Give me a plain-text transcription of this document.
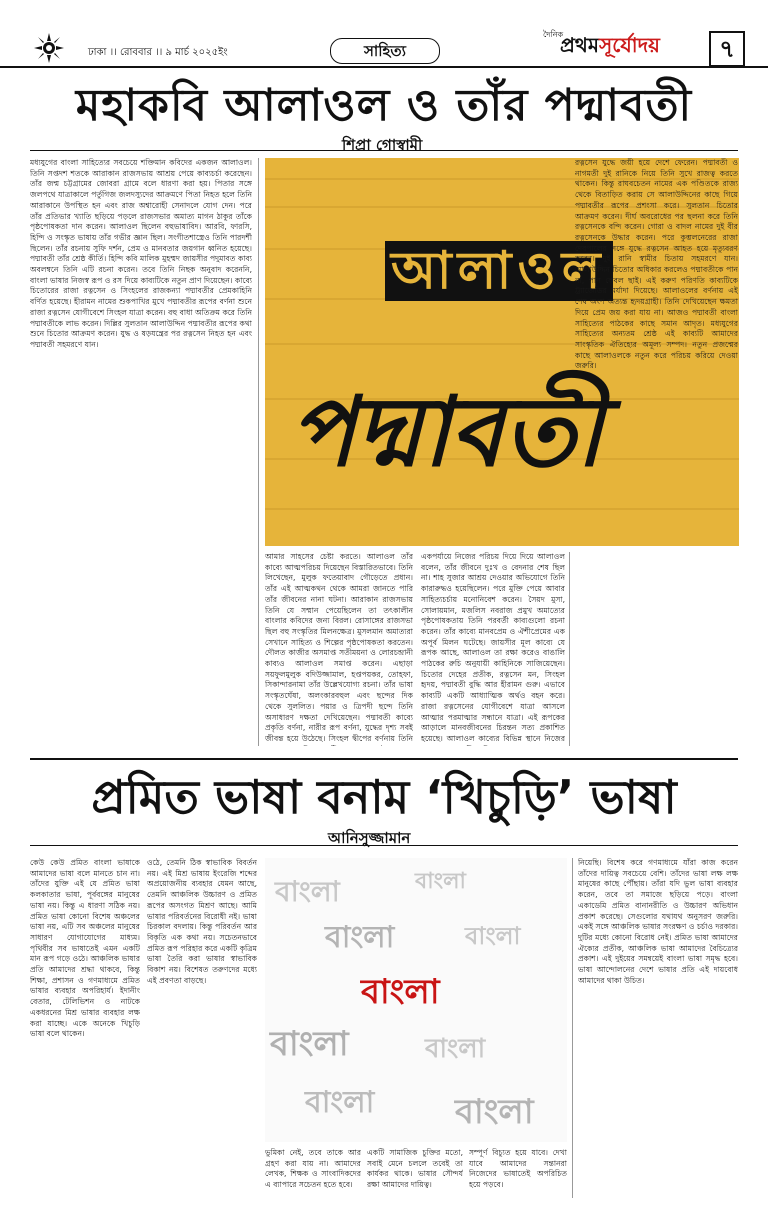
ঢাকা ।। রোববার ।। ৯ মার্চ ২০২৫ইং	সাহিত্য
দৈনিক
প্রথমসূর্যোদয়	৭
মহাকবি আলাওল ও তাঁর পদ্মাবতী
শিপ্রা গোস্বামী
আলাওল
পদ্মাবতী
মধ্যযুগের বাংলা সাহিত্যের সবচেয়ে শক্তিমান কবিদের একজন আলাওল। তিনি সপ্তদশ শতকে আরাকান রাজসভায় আশ্রয় পেয়ে কাব্যচর্চা করেছেন। তাঁর জন্ম চট্টগ্রামের জোবরা গ্রামে বলে ধারণা করা হয়। পিতার সঙ্গে জলপথে যাত্রাকালে পর্তুগিজ জলদস্যুদের আক্রমণে পিতা নিহত হলে তিনি আরাকানে উপস্থিত হন এবং রাজ অশ্বারোহী সেনাদলে যোগ দেন। পরে তাঁর প্রতিভার খ্যাতি ছড়িয়ে পড়লে রাজসভার অমাত্য মাগন ঠাকুর তাঁকে পৃষ্ঠপোষকতা দান করেন। আলাওল ছিলেন বহুভাষাবিদ। আরবি, ফারসি, হিন্দি ও সংস্কৃত ভাষায় তাঁর গভীর জ্ঞান ছিল। সংগীতশাস্ত্রেও তিনি পারদর্শী ছিলেন। তাঁর রচনায় সুফি দর্শন, প্রেম ও মানবতার জয়গান ধ্বনিত হয়েছে। পদ্মাবতী তাঁর শ্রেষ্ঠ কীর্তি। হিন্দি কবি মালিক মুহম্মদ জায়সীর পদুমাবত কাব্য অবলম্বনে তিনি এটি রচনা করেন। তবে তিনি নিছক অনুবাদ করেননি, বাংলা ভাষার নিজস্ব রূপ ও রস দিয়ে কাব্যটিকে নতুন প্রাণ দিয়েছেন। কাব্যে চিতোরের রাজা রত্নসেন ও সিংহলের রাজকন্যা পদ্মাবতীর প্রেমকাহিনি বর্ণিত হয়েছে। হীরামন নামের শুকপাখির মুখে পদ্মাবতীর রূপের বর্ণনা শুনে রাজা রত্নসেন যোগীবেশে সিংহল যাত্রা করেন। বহু বাধা অতিক্রম করে তিনি পদ্মাবতীকে লাভ করেন। দিল্লির সুলতান আলাউদ্দিন পদ্মাবতীর রূপের কথা শুনে চিতোর আক্রমণ করেন। যুদ্ধ ও ষড়যন্ত্রের পর রত্নসেন নিহত হন এবং পদ্মাবতী সহমরণে যান।
আমার সাহসের চেষ্টা করতে। আলাওল তাঁর কাব্যে আত্মপরিচয় দিয়েছেন বিস্তারিতভাবে। তিনি লিখেছেন, মুলুক ফতেয়াবাদ গৌড়েতে প্রধান। তাঁর এই আত্মকথন থেকে আমরা জানতে পারি তাঁর জীবনের নানা ঘটনা। আরাকান রাজসভায় তিনি যে সম্মান পেয়েছিলেন তা তৎকালীন বাংলার কবিদের জন্য বিরল। রোসাঙ্গের রাজসভা ছিল বহু সংস্কৃতির মিলনক্ষেত্র। মুসলমান অমাত্যরা সেখানে সাহিত্য ও শিল্পের পৃষ্ঠপোষকতা করতেন। দৌলত কাজীর অসমাপ্ত সতীময়না ও লোরচন্দ্রানী কাব্যও আলাওল সমাপ্ত করেন। এছাড়া সয়ফুলমুলুক বদিউজ্জামাল, হপ্তপয়কর, তোহফা, সিকান্দারনামা তাঁর উল্লেখযোগ্য রচনা। তাঁর ভাষা সংস্কৃতঘেঁষা, অলংকারবহুল এবং ছন্দের দিক থেকে সুললিত। পয়ার ও ত্রিপদী ছন্দে তিনি অসাধারণ দক্ষতা দেখিয়েছেন। পদ্মাবতী কাব্যে প্রকৃতি বর্ণনা, নারীর রূপ বর্ণনা, যুদ্ধের দৃশ্য সবই জীবন্ত হয়ে উঠেছে। সিংহল দ্বীপের বর্ণনায় তিনি
একপর্যায়ে নিজের পরিচয় দিয়ে দিয়ে আলাওল বলেন, তাঁর জীবনে দুঃখ ও বেদনার শেষ ছিল না। শাহ সুজার আশ্রয় দেওয়ার অভিযোগে তিনি কারারুদ্ধও হয়েছিলেন। পরে মুক্তি পেয়ে আবার সাহিত্যচর্চায় মনোনিবেশ করেন। সৈয়দ মুসা, সোলায়মান, মজলিস নবরাজ প্রমুখ অমাত্যের পৃষ্ঠপোষকতায় তিনি পরবর্তী কাব্যগুলো রচনা করেন। তাঁর কাব্যে মানবপ্রেম ও ঐশীপ্রেমের এক অপূর্ব মিলন ঘটেছে। জায়সীর মূল কাব্যে যে রূপক আছে, আলাওল তা রক্ষা করেও বাঙালি পাঠকের রুচি অনুযায়ী কাহিনিকে সাজিয়েছেন। চিতোর দেহের প্রতীক, রত্নসেন মন, সিংহল হৃদয়, পদ্মাবতী বুদ্ধি আর হীরামন গুরু। এভাবে কাব্যটি একটি আধ্যাত্মিক অর্থও বহন করে। রাজা রত্নসেনের যোগীবেশে যাত্রা আসলে আত্মার পরমাত্মার সন্ধানে যাত্রা। এই রূপকের আড়ালে মানবজীবনের চিরন্তন সত্য প্রকাশিত হয়েছে। আলাওল কাব্যের বিভিন্ন স্থানে নিজের
রত্নসেন যুদ্ধে জয়ী হয়ে দেশে ফেরেন। পদ্মাবতী ও নাগমতী দুই রানিকে নিয়ে তিনি সুখে রাজত্ব করতে থাকেন। কিন্তু রাঘবচেতন নামের এক পণ্ডিতকে রাজ্য থেকে বিতাড়িত করায় সে আলাউদ্দিনের কাছে গিয়ে পদ্মাবতীর রূপের প্রশংসা করে। সুলতান চিতোর আক্রমণ করেন। দীর্ঘ অবরোধের পর ছলনা করে তিনি রত্নসেনকে বন্দি করেন। গোরা ও বাদল নামের দুই বীর রত্নসেনকে উদ্ধার করেন। পরে কুম্ভলনেরের রাজা দেবপালের সঙ্গে যুদ্ধে রত্নসেন আহত হয়ে মৃত্যুবরণ করেন। দুই রানি স্বামীর চিতায় সহমরণে যান। আলাউদ্দিন চিতোর অধিকার করলেও পদ্মাবতীকে পান না, পান কেবল ছাই। এই করুণ পরিণতি কাব্যটিকে ট্র্যাজেডির মর্যাদা দিয়েছে। আলাওলের বর্ণনায় এই শেষ অংশ অত্যন্ত হৃদয়গ্রাহী। তিনি দেখিয়েছেন ক্ষমতা দিয়ে প্রেম জয় করা যায় না। আজও পদ্মাবতী বাংলা সাহিত্যের পাঠকের কাছে সমান আদৃত। মধ্যযুগের সাহিত্যের অন্যতম শ্রেষ্ঠ এই কাব্যটি আমাদের সাংস্কৃতিক ঐতিহ্যের অমূল্য সম্পদ। নতুন প্রজন্মের কাছে আলাওলকে নতুন করে পরিচয় করিয়ে দেওয়া জরুরি।
প্রমিত ভাষা বনাম ‘খিচুড়ি’ ভাষা
আনিসুজ্জামান
কেউ কেউ প্রমিত বাংলা ভাষাকে আমাদের ভাষা বলে মানতে চান না। তাঁদের যুক্তি এই যে প্রমিত ভাষা কলকাতার ভাষা, পূর্ববঙ্গের মানুষের ভাষা নয়। কিন্তু এ ধারণা সঠিক নয়। প্রমিত ভাষা কোনো বিশেষ অঞ্চলের ভাষা নয়, এটি সব অঞ্চলের মানুষের সাধারণ যোগাযোগের মাধ্যম। পৃথিবীর সব ভাষাতেই এমন একটি মান রূপ গড়ে ওঠে। আঞ্চলিক ভাষার প্রতি আমাদের শ্রদ্ধা থাকবে, কিন্তু শিক্ষা, প্রশাসন ও গণমাধ্যমে প্রমিত ভাষার ব্যবহার অপরিহার্য। ইদানীং বেতার, টেলিভিশন ও নাটকে একধরনের মিশ্র ভাষার ব্যবহার লক্ষ করা যাচ্ছে। একে অনেকে খিচুড়ি ভাষা বলে থাকেন।
ওঠে, তেমনি ঠিক স্বাভাবিক বিবর্তন নয়। এই মিশ্র ভাষায় ইংরেজি শব্দের অপ্রয়োজনীয় ব্যবহার যেমন আছে, তেমনি আঞ্চলিক উচ্চারণ ও প্রমিত রূপের অসংগত মিশ্রণ আছে। আমি ভাষার পরিবর্তনের বিরোধী নই। ভাষা চিরকাল বদলায়। কিন্তু পরিবর্তন আর বিকৃতি এক কথা নয়। সচেতনভাবে প্রমিত রূপ পরিহার করে একটি কৃত্রিম ভাষা তৈরি করা ভাষার স্বাভাবিক বিকাশ নয়। বিশেষত তরুণদের মধ্যে এই প্রবণতা বাড়ছে।
বাংলা	বাংলা
বাংলা	বাংলা
বাংলা	বাংলা
বাংলা বাংলা
বাংলা
ভুমিকা নেই, তবে তাকে আর গ্রহণ করা যায় না। আমাদের লেখক, শিক্ষক ও সাংবাদিকদের এ ব্যাপারে সচেতন হতে হবে।
একটি সামাজিক চুক্তির মতো, সবাই মেনে চললে তবেই তা কার্যকর থাকে। ভাষার সৌন্দর্য রক্ষা আমাদের দায়িত্ব।
সম্পূর্ণ বিচ্যুত হয়ে যাবে। দেখা যাবে আমাদের সন্তানরা নিজেদের ভাষাতেই অপরিচিত হয়ে পড়বে।
নিয়েছি। বিশেষ করে গণমাধ্যমে যাঁরা কাজ করেন তাঁদের দায়িত্ব সবচেয়ে বেশি। তাঁদের ভাষা লক্ষ লক্ষ মানুষের কাছে পৌঁছায়। তাঁরা যদি ভুল ভাষা ব্যবহার করেন, তবে তা সমাজে ছড়িয়ে পড়ে। বাংলা একাডেমি প্রমিত বানানরীতি ও উচ্চারণ অভিধান প্রকাশ করেছে। সেগুলোর যথাযথ অনুসরণ জরুরি। একই সঙ্গে আঞ্চলিক ভাষার সংরক্ষণ ও চর্চাও দরকার। দুটির মধ্যে কোনো বিরোধ নেই। প্রমিত ভাষা আমাদের ঐক্যের প্রতীক, আঞ্চলিক ভাষা আমাদের বৈচিত্র্যের প্রকাশ। এই দুইয়ের সমন্বয়েই বাংলা ভাষা সমৃদ্ধ হবে। ভাষা আন্দোলনের দেশে ভাষার প্রতি এই দায়বোধ আমাদের থাকা উচিত।
